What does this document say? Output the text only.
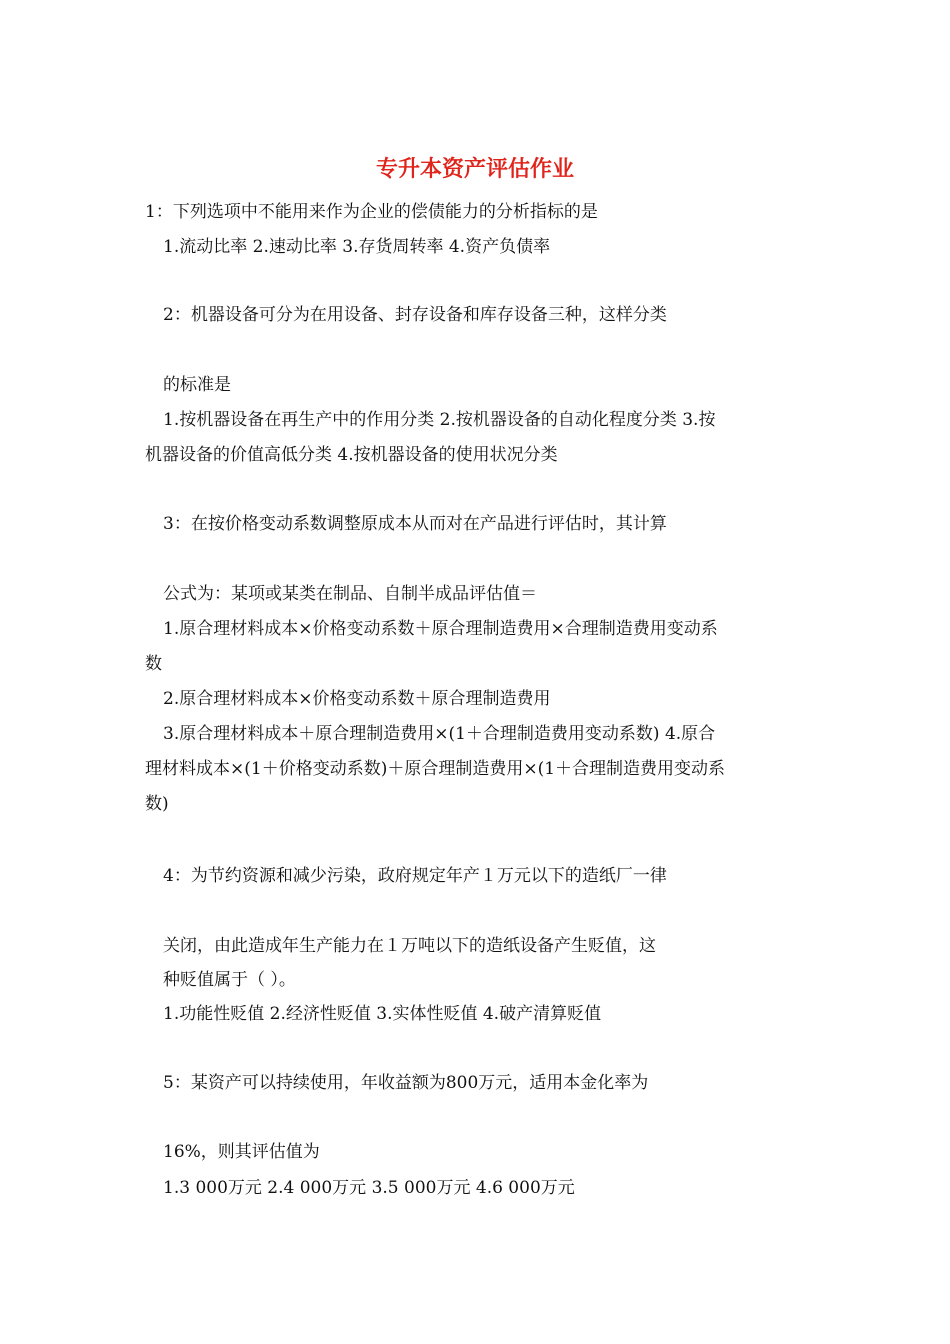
专升本资产评估作业
1：下列选项中不能用来作为企业的偿债能力的分析指标的是
1.流动比率 2.速动比率 3.存货周转率 4.资产负债率
2：机器设备可分为在用设备、封存设备和库存设备三种，这样分类
的标准是
1.按机器设备在再生产中的作用分类 2.按机器设备的自动化程度分类 3.按
机器设备的价值高低分类 4.按机器设备的使用状况分类
3：在按价格变动系数调整原成本从而对在产品进行评估时，其计算
公式为：某项或某类在制品、自制半成品评估值＝
1.原合理材料成本×价格变动系数＋原合理制造费用×合理制造费用变动系
数
2.原合理材料成本×价格变动系数＋原合理制造费用
3.原合理材料成本＋原合理制造费用×(1＋合理制造费用变动系数) 4.原合
理材料成本×(1＋价格变动系数)＋原合理制造费用×(1＋合理制造费用变动系
数)
4：为节约资源和减少污染，政府规定年产１万元以下的造纸厂一律
关闭，由此造成年生产能力在１万吨以下的造纸设备产生贬值，这
种贬值属于（ ）。
1.功能性贬值 2.经济性贬值 3.实体性贬值 4.破产清算贬值
5：某资产可以持续使用，年收益额为800万元，适用本金化率为
16%，则其评估值为
1.3 000万元 2.4 000万元 3.5 000万元 4.6 000万元
